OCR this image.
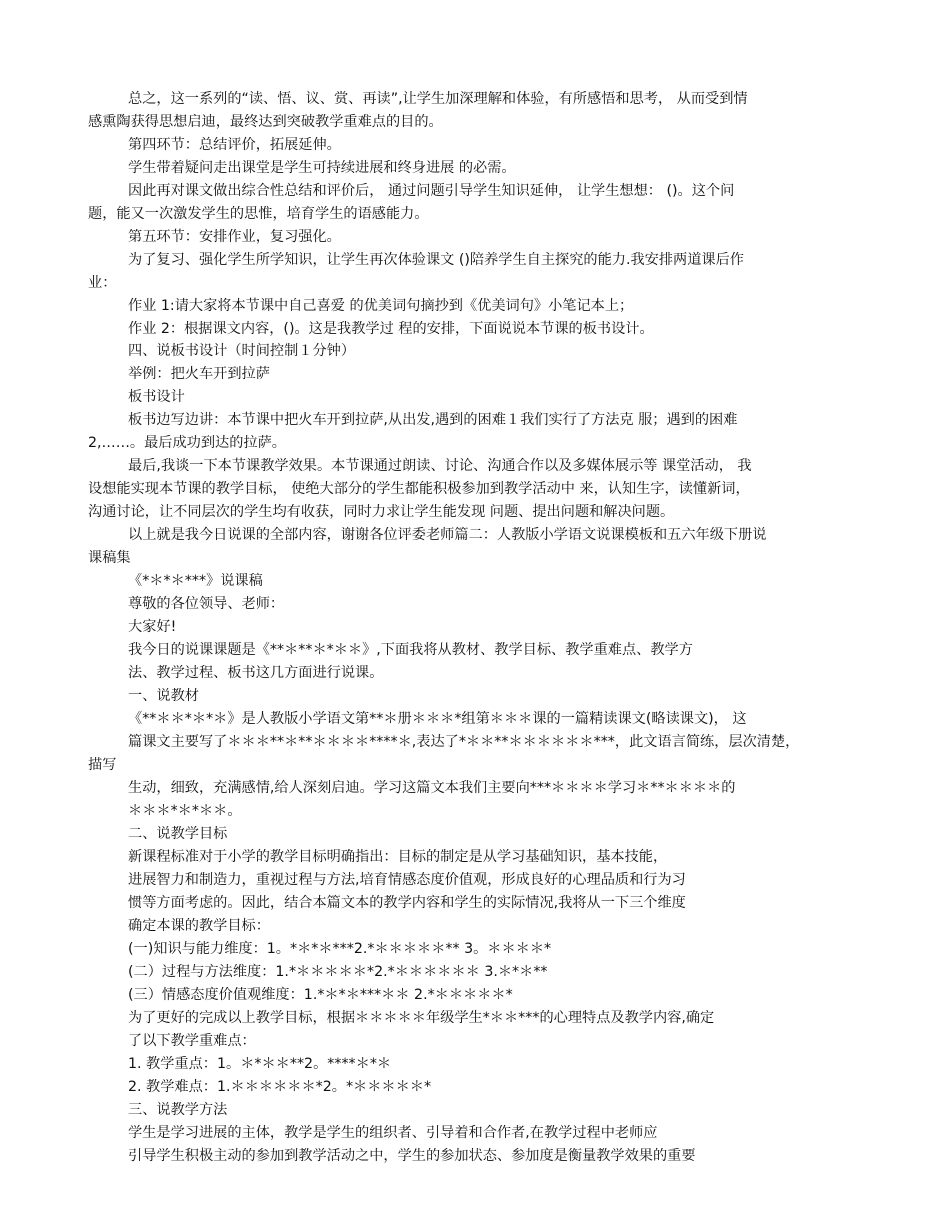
总之，这一系列的“读、悟、议、赏、再读”,让学生加深理解和体验，有所感悟和思考， 从而受到情
感熏陶获得思想启迪，最终达到突破教学重难点的目的。
第四环节：总结评价，拓展延伸。
学生带着疑问走出课堂是学生可持续进展和终身进展 的必需。
因此再对课文做出综合性总结和评价后， 通过问题引导学生知识延伸， 让学生想想： ()。这个问
题，能又一次激发学生的思惟，培育学生的语感能力。
第五环节：安排作业，复习强化。
为了复习、强化学生所学知识，让学生再次体验课文 ()陪养学生自主探究的能力.我安排两道课后作
业：
作业 1:请大家将本节课中自己喜爱 的优美词句摘抄到《优美词句》小笔记本上；
作业 2：根据课文内容，()。这是我教学过 程的安排，下面说说本节课的板书设计。
四、说板书设计（时间控制１分钟）
举例：把火车开到拉萨
板书设计
板书边写边讲：本节课中把火车开到拉萨,从出发,遇到的困难１我们实行了方法克 服；遇到的困难
2,……。最后成功到达的拉萨。
最后,我谈一下本节课教学效果。本节课通过朗读、讨论、沟通合作以及多媒体展示等 课堂活动， 我
设想能实现本节课的教学目标， 使绝大部分的学生都能积极参加到教学活动中 来，认知生字，读懂新词，
沟通讨论，让不同层次的学生均有收获，同时力求让学生能发现 问题、提出问题和解决问题。
以上就是我今日说课的全部内容，谢谢各位评委老师篇二：人教版小学语文说课模板和五六年级下册说
课稿集
《*＊*＊***》说课稿
尊敬的各位领导、老师：
大家好!
我今日的说课课题是《**＊**＊*＊＊》,下面我将从教材、教学目标、教学重难点、教学方
法、教学过程、板书这几方面进行说课。
一、说教材
《**＊＊*＊*＊》是人教版小学语文第**＊册＊＊＊*组第＊＊＊课的一篇精读课文(略读课文)， 这
篇课文主要写了＊＊＊**＊**＊＊＊＊****＊,表达了*＊＊**＊＊＊＊＊＊***，此文语言简练，层次清楚，
描写
生动，细致，充满感情,给人深刻启迪。学习这篇文本我们主要向***＊＊＊＊学习＊**＊＊＊＊的
＊＊＊*＊*＊＊。
二、说教学目标
新课程标准对于小学的教学目标明确指出：目标的制定是从学习基础知识，基本技能，
进展智力和制造力，重视过程与方法,培育情感态度价值观，形成良好的心理品质和行为习
惯等方面考虑的。因此，结合本篇文本的教学内容和学生的实际情况,我将从一下三个维度
确定本课的教学目标：
(一)知识与能力维度：1。*＊*＊***2.*＊＊＊＊＊** 3。＊＊＊＊*
(二）过程与方法维度：1.*＊＊＊＊＊*2.*＊＊＊＊＊＊ 3.＊*＊**
(三）情感态度价值观维度：1.*＊*＊***＊＊ 2.*＊＊＊＊＊*
为了更好的完成以上教学目标，根据＊＊＊＊＊年级学生*＊＊***的心理特点及教学内容,确定
了以下教学重难点：
1. 教学重点：1。＊*＊＊**2。****＊*＊
2. 教学难点：1.＊＊＊＊＊＊*2。*＊＊＊＊＊*
三、说教学方法
学生是学习进展的主体，教学是学生的组织者、引导着和合作者,在教学过程中老师应
引导学生积极主动的参加到教学活动之中，学生的参加状态、参加度是衡量教学效果的重要
